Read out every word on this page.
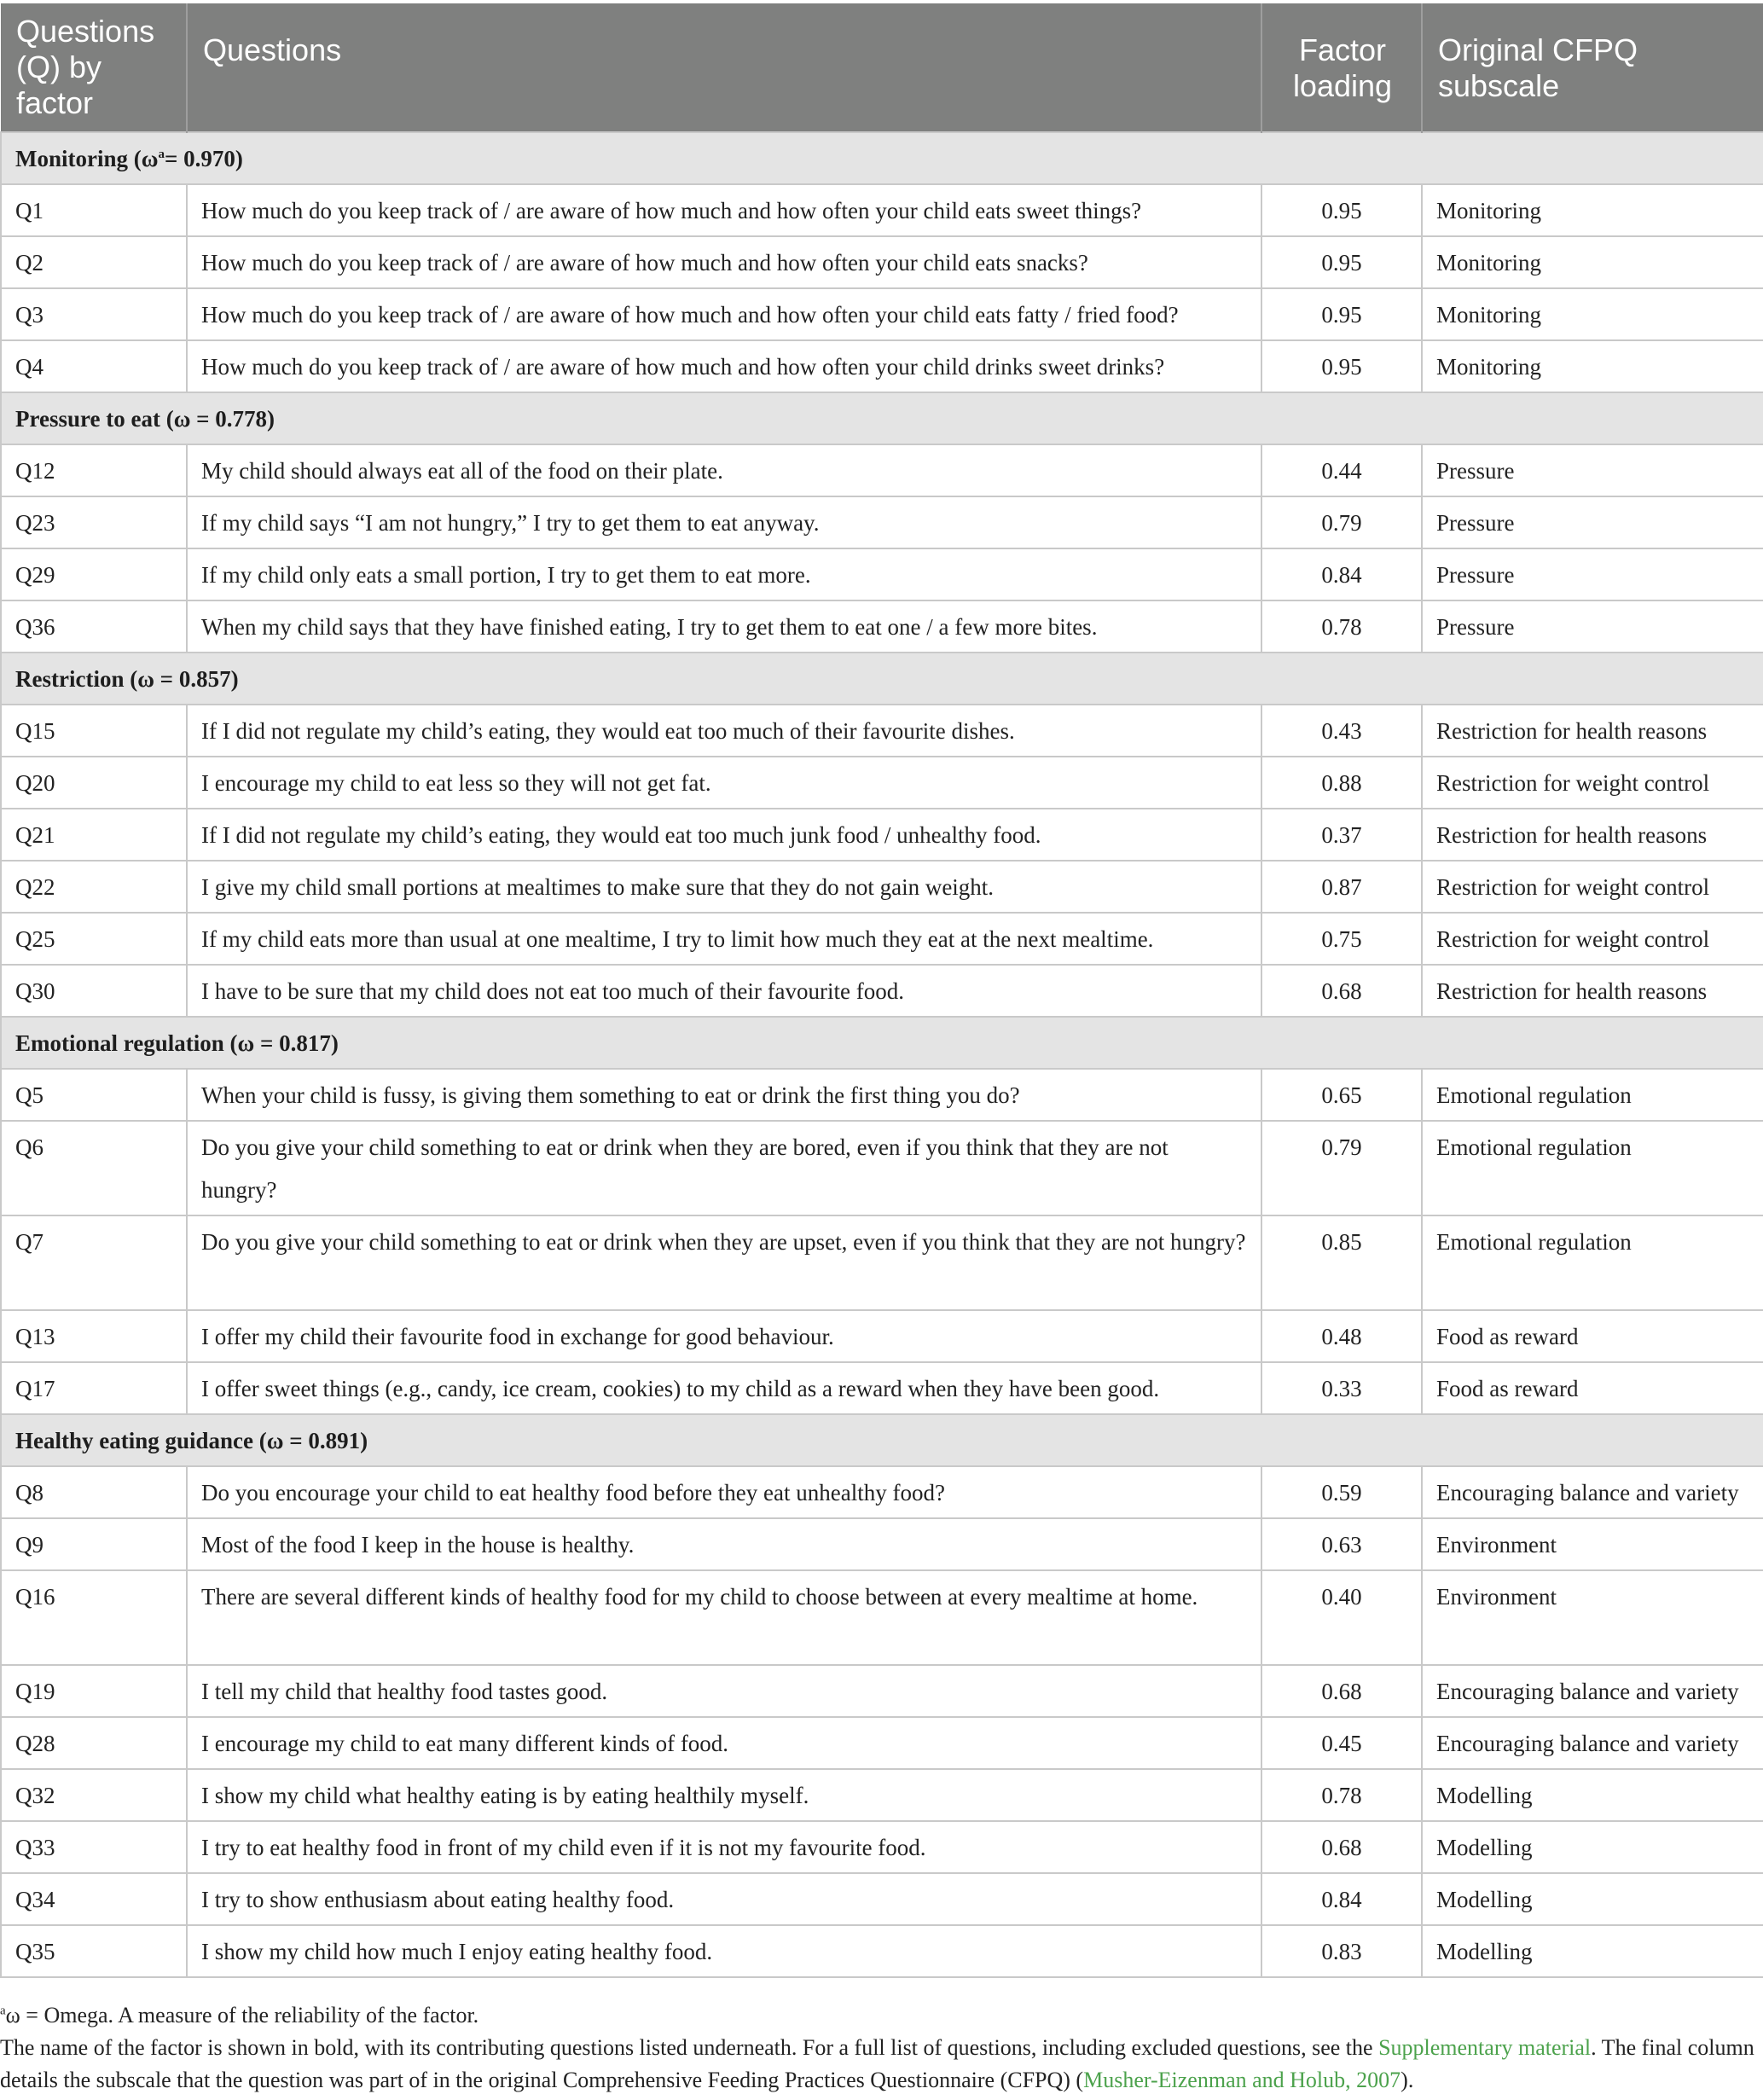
Questions (Q) by factor	Questions	Factor loading	Original CFPQ subscale
Monitoring $(\omega^a= 0.970)$			
Q1	How much do you keep track of / are aware of how much and how often your child eats sweet things?	0.95	Monitoring
Q2	How much do you keep track of / are aware of how much and how often your child eats snacks?	0.95	Monitoring
Q3	How much do you keep track of / are aware of how much and how often your child eats fatty / fried food?	0.95	Monitoring
Q4	How much do you keep track of / are aware of how much and how often your child drinks sweet drinks?	0.95	Monitoring
Pressure to eat (ω = 0.778)			
Q12	My child should always eat all of the food on their plate.	0.44	Pressure
Q23	If my child says “I am not hungry,” I try to get them to eat anyway.	0.79	Pressure
Q29	If my child only eats a small portion, I try to get them to eat more.	0.84	Pressure
Q36	When my child says that they have finished eating, I try to get them to eat one / a few more bites.	0.78	Pressure
Restriction (ω = 0.857)			
Q15	If I did not regulate my child’s eating, they would eat too much of their favourite dishes.	0.43	Restriction for health reasons
Q20	I encourage my child to eat less so they will not get fat.	0.88	Restriction for weight control
Q21	If I did not regulate my child’s eating, they would eat too much junk food / unhealthy food.	0.37	Restriction for health reasons
Q22	I give my child small portions at mealtimes to make sure that they do not gain weight.	0.87	Restriction for weight control
Q25	If my child eats more than usual at one mealtime, I try to limit how much they eat at the next mealtime.	0.75	Restriction for weight control
Q30	I have to be sure that my child does not eat too much of their favourite food.	0.68	Restriction for health reasons
Emotional regulation (ω = 0.817)			
Q5	When your child is fussy, is giving them something to eat or drink the first thing you do?	0.65	Emotional regulation
Q6	Do you give your child something to eat or drink when they are bored, even if you think that they are not hungry?	0.79	Emotional regulation
Q7	Do you give your child something to eat or drink when they are upset, even if you think that they are not hungry?	0.85	Emotional regulation
Q13	I offer my child their favourite food in exchange for good behaviour.	0.48	Food as reward
Q17	I offer sweet things (e.g., candy, ice cream, cookies) to my child as a reward when they have been good.	0.33	Food as reward
Healthy eating guidance (ω = 0.891)			
Q8	Do you encourage your child to eat healthy food before they eat unhealthy food?	0.59	Encouraging balance and variety
Q9	Most of the food I keep in the house is healthy.	0.63	Environment
Q16	There are several different kinds of healthy food for my child to choose between at every mealtime at home.	0.40	Environment
Q19	I tell my child that healthy food tastes good.	0.68	Encouraging balance and variety
Q28	I encourage my child to eat many different kinds of food.	0.45	Encouraging balance and variety
Q32	I show my child what healthy eating is by eating healthily myself.	0.78	Modelling
Q33	I try to eat healthy food in front of my child even if it is not my favourite food.	0.68	Modelling
Q34	I try to show enthusiasm about eating healthy food.	0.84	Modelling
Q35	I show my child how much I enjoy eating healthy food.	0.83	Modelling

$^a$ω = Omega. A measure of the reliability of the factor.

The name of the factor is shown in bold, with its contributing questions listed underneath. For a full list of questions, including excluded questions, see the Supplementary material. The final column details the subscale that the question was part of in the original Comprehensive Feeding Practices Questionnaire (CFPQ) (Musher-Eizenman and Holub, 2007).
